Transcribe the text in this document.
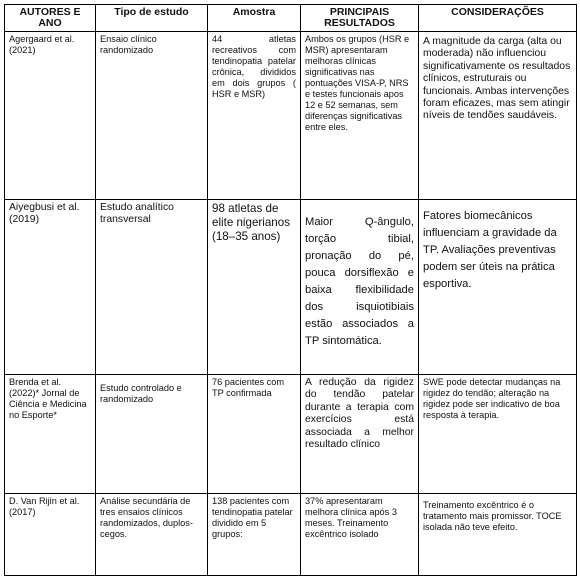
AUTORES E ANO	Tipo de estudo	Amostra	PRINCIPAIS RESULTADOS	CONSIDERAÇÕES

Agergaard et al.(2021)	Ensaio clínico randomizado	44 atletas recreativos com tendinopatia patelar crônica, divididos em dois grupos ( HSR e MSR)	Ambos os grupos (HSR e MSR) apresentaram melhoras clínicas significativas nas pontuações VISA-P, NRS e testes funcionais apos 12 e 52 semanas, sem diferenças significativas entre eles.	A magnitude da carga (alta ou moderada) não influenciou significativamente os resultados clínicos, estruturais ou funcionais. Ambas intervenções foram eficazes, mas sem atingir níveis de tendões saudáveis.

Aiyegbusi et al. (2019)	Estudo analítico transversal	98 atletas de elite nigerianos (18–35 anos)	Maior Q-ângulo, torção tibial, pronação do pé, pouca dorsiflexão e baixa flexibilidade dos isquiotibiais estão associados a TP sintomática.	Fatores biomecânicos influenciam a gravidade da TP. Avaliações preventivas podem ser úteis na prática esportiva.

Brenda et al.(2022)* Jornal de Ciência e Medicina no Esporte*	Estudo controlado e randomizado	76 pacientes com TP confirmada	A redução da rigidez do tendão patelar durante a terapia com exercícios está associada a melhor resultado clínico	SWE pode detectar mudanças na rigidez do tendão; alteração na rigidez pode ser indicativo de boa resposta à terapia.

D. Van Rijin et al. (2017)	Análise secundária de tres ensaios clínicos randomizados, duplos- cegos.	138 pacientes com tendinopatia patelar dividido em 5 grupos:	37% apresentaram melhora clínica após 3 meses. Treinamento excêntrico isolado	Treinamento excêntrico é o tratamento mais promissor. TOCE isolada não teve efeito.
